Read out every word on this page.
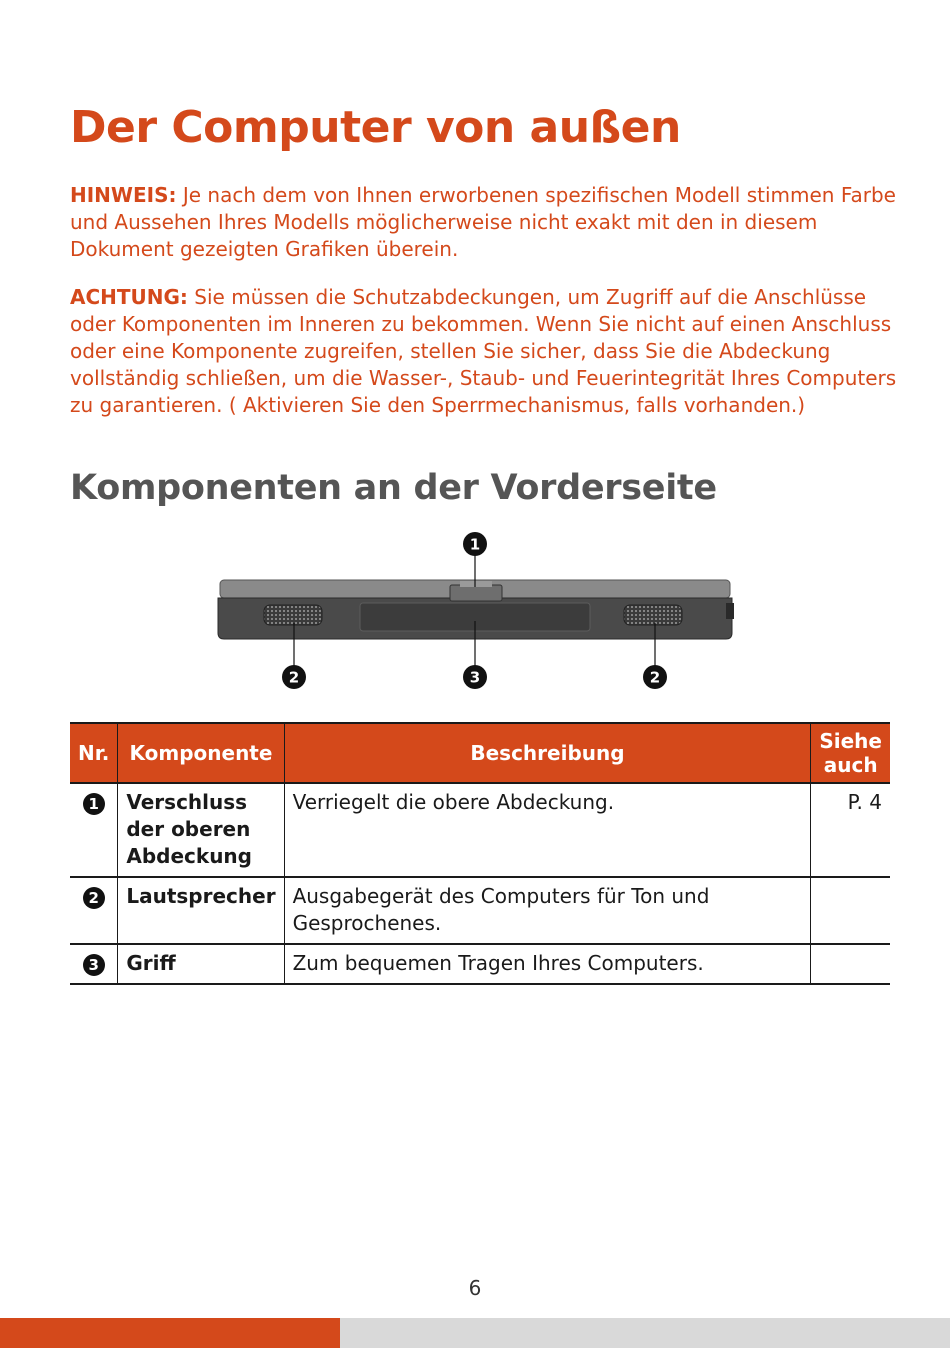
Der Computer von außen

HINWEIS: Je nach dem von Ihnen erworbenen spezifischen Modell stimmen Farbe und Aussehen Ihres Modells möglicherweise nicht exakt mit den in diesem Dokument gezeigten Grafiken überein.

ACHTUNG: Sie müssen die Schutzabdeckungen, um Zugriff auf die Anschlüsse oder Komponenten im Inneren zu bekommen. Wenn Sie nicht auf einen Anschluss oder eine Komponente zugreifen, stellen Sie sicher, dass Sie die Abdeckung vollständig schließen, um die Wasser-, Staub- und Feuerintegrität Ihres Computers zu garantieren. ( Aktivieren Sie den Sperrmechanismus, falls vorhanden.)

Komponenten an der Vorderseite
1
2	3	2
Nr.	Komponente	Beschreibung	Siehe auch
1	Verschluss der oberen Abdeckung	Verriegelt die obere Abdeckung.	P. 4
2	Lautsprecher	Ausgabegerät des Computers für Ton und Gesprochenes.	
3	Griff	Zum bequemen Tragen Ihres Computers.	
6
